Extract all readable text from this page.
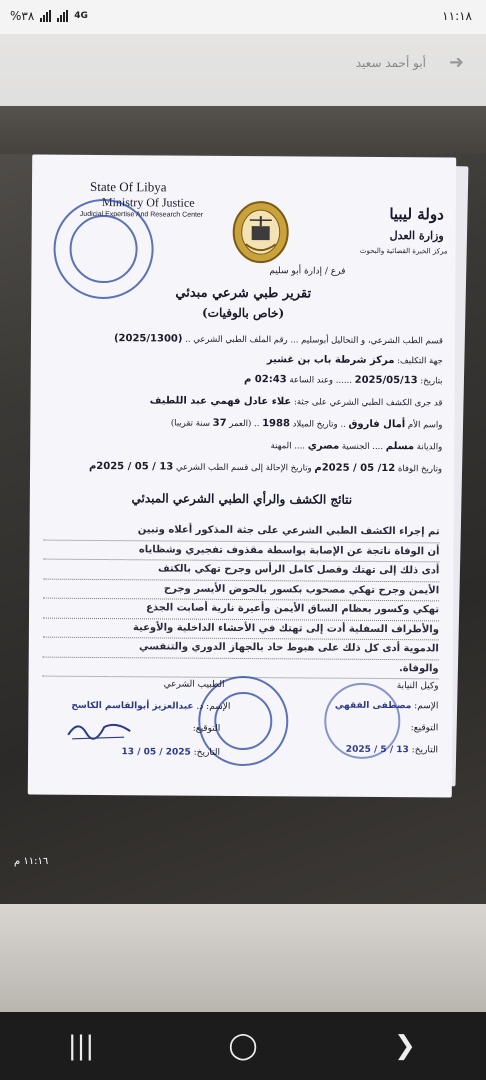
%٣٨	4G	١١:١٨
أبو أحمد سعيد ➜
State Of Libya
Ministry Of Justice
Judicial Expertise And Research Center	دولة ليبيا
وزارة العدل
مركز الخبرة القضائية والبحوث
فرع / إدارة أبو سليم
تقرير طبي شرعي مبدئي
(خاص بالوفيات)
قسم الطب الشرعي، و التحاليل أبوسليم ... رقم الملف الطبي الشرعي .. (2025/1300)
جهة التكليف: مركز شرطة باب بن غشير
بتاريخ: 2025/05/13 ...... وعند الساعة 02:43 م
قد جرى الكشف الطبي الشرعي على جثة: علاء عادل فهمي عبد اللطيف
واسم الأم أمال فاروق .. وتاريخ الميلاد 1988 .. (العمر 37 سنة تقريبا)
والديانة مسلم .... الجنسية مصري .... المهنة
وتاريخ الوفاة 12/ 05 / 2025م وتاريخ الإحالة إلى قسم الطب الشرعي 13 / 05 / 2025م
نتائج الكشف والرأي الطبي الشرعي المبدئي
تم إجراء الكشف الطبي الشرعي على جثة المذكور أعلاه وتبين
أن الوفاة ناتجة عن الإصابة بواسطة مقذوف تفجيري وشظاياه
أدى ذلك إلى تهتك وفصل كامل الرأس وجرح تهكي بالكتف
الأيمن وجرح تهكي مصحوب بكسور بالحوض الأيسر وجرح
تهكي وكسور بعظام الساق الأيمن وأعيرة نارية أصابت الجذع
والأطراف السفلية أدت إلى تهتك في الأحشاء الداخلية والأوعية
الدموية أدى كل ذلك على هبوط حاد بالجهاز الدوري والتنفسي
والوفاة.
وكيل النيابة
الإسم: مصطفى الفقهي
التوقيع:
التاريخ: 13 / 5 / 2025
الطبيب الشرعي
الإسم: د. عبدالعزيز أبوالقاسم الكاسح
التوقيع:
التاريخ: 2025 / 05 / 13
١١:١٦ م
|||	◯	❯
